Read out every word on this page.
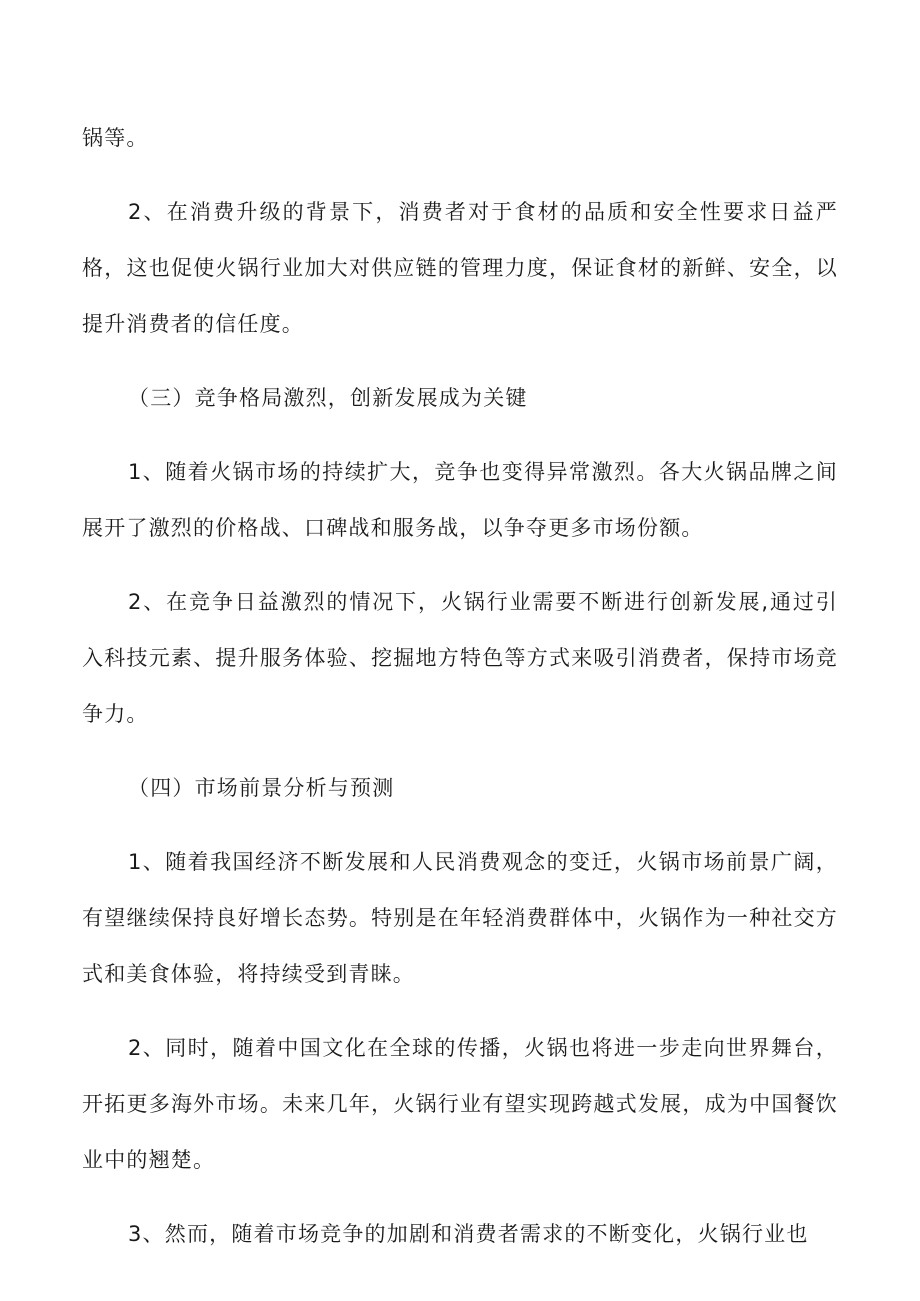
锅等。

2、在消费升级的背景下，消费者对于食材的品质和安全性要求日益严格，这也促使火锅行业加大对供应链的管理力度，保证食材的新鲜、安全，以提升消费者的信任度。

（三）竞争格局激烈，创新发展成为关键

1、随着火锅市场的持续扩大，竞争也变得异常激烈。各大火锅品牌之间展开了激烈的价格战、口碑战和服务战，以争夺更多市场份额。

2、在竞争日益激烈的情况下，火锅行业需要不断进行创新发展,通过引入科技元素、提升服务体验、挖掘地方特色等方式来吸引消费者，保持市场竞争力。

（四）市场前景分析与预测

1、随着我国经济不断发展和人民消费观念的变迁，火锅市场前景广阔，有望继续保持良好增长态势。特别是在年轻消费群体中，火锅作为一种社交方式和美食体验，将持续受到青睐。

2、同时，随着中国文化在全球的传播，火锅也将进一步走向世界舞台，开拓更多海外市场。未来几年，火锅行业有望实现跨越式发展，成为中国餐饮业中的翘楚。

3、然而，随着市场竞争的加剧和消费者需求的不断变化，火锅行业也
